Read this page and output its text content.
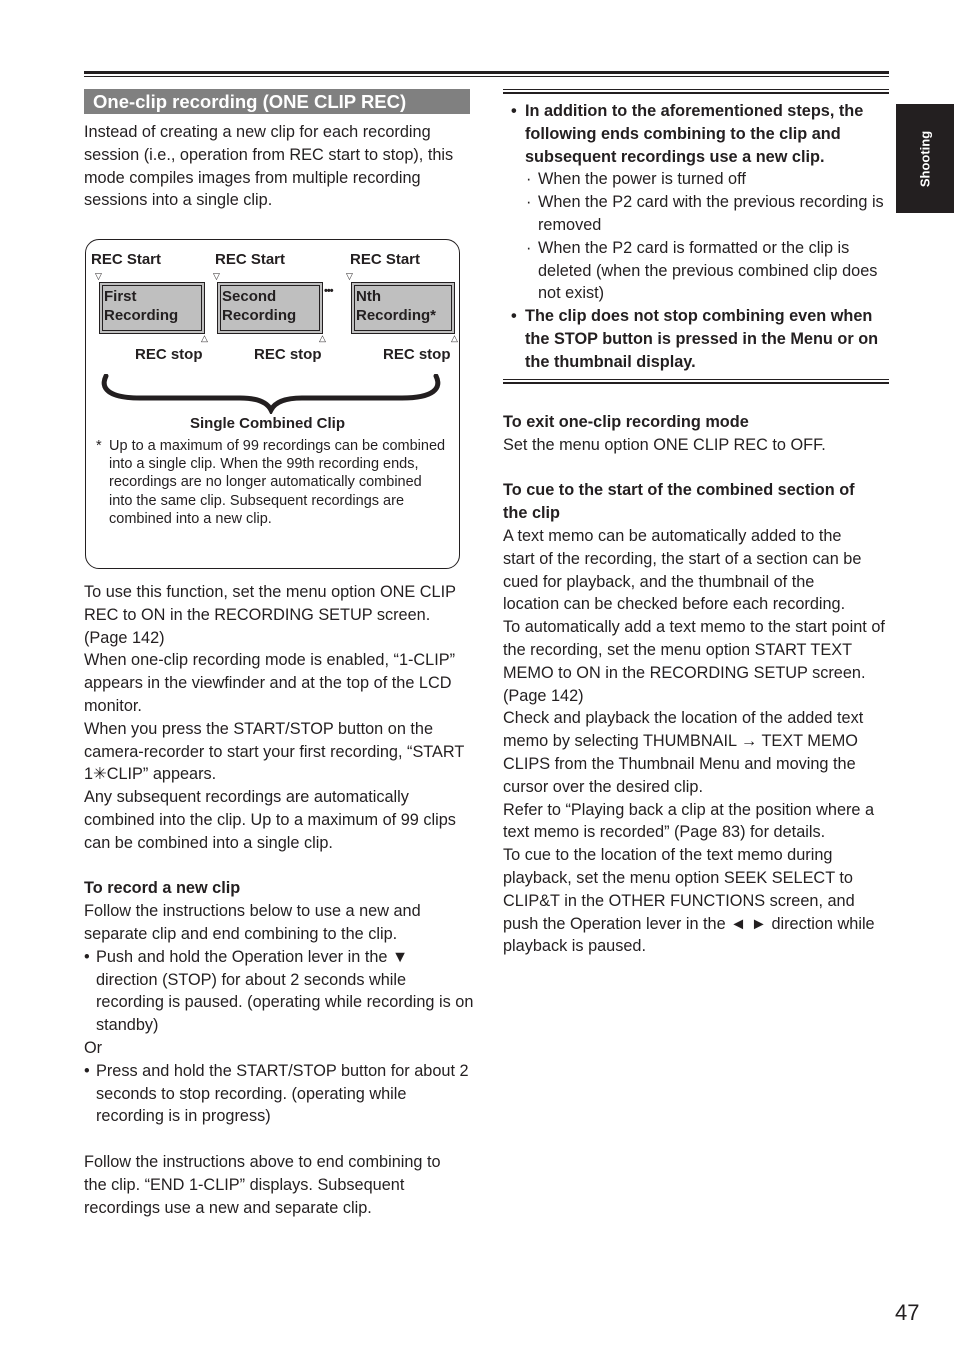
Shooting
One-clip recording (ONE CLIP REC)

Instead of creating a new clip for each recording session (i.e., operation from REC start to stop), this mode compiles images from multiple recording sessions into a single clip.

REC Start	REC Start	REC Start
▽	▽	▽
First
Recording
Second
Recording
••• Nth
Recording*
△	△	△
REC stop	REC stop	REC stop
Single Combined Clip
* Up to a maximum of 99 recordings can be combined into a single clip. When the 99th recording ends, recordings are no longer automatically combined into the same clip. Subsequent recordings are combined into a new clip.

To use this function, set the menu option ONE CLIP REC to ON in the RECORDING SETUP screen. (Page 142)

When one-clip recording mode is enabled, “1-CLIP” appears in the viewfinder and at the top of the LCD monitor.

When you press the START/STOP button on the camera-recorder to start your first recording, “START 1✳CLIP” appears.

Any subsequent recordings are automatically combined into the clip. Up to a maximum of 99 clips can be combined into a single clip.

To record a new clip

Follow the instructions below to use a new and separate clip and end combining to the clip.

• Push and hold the Operation lever in the ▼ direction (STOP) for about 2 seconds while recording is paused. (operating while recording is on standby)

Or

• Press and hold the START/STOP button for about 2 seconds to stop recording. (operating while recording is in progress)

Follow the instructions above to end combining to the clip. “END 1-CLIP” displays. Subsequent recordings use a new and separate clip.

• In addition to the aforementioned steps, the following ends combining to the clip and subsequent recordings use a new clip.
· When the power is turned off
· When the P2 card with the previous recording is removed
· When the P2 card is formatted or the clip is deleted (when the previous combined clip does not exist)
• The clip does not stop combining even when the STOP button is pressed in the Menu or on the thumbnail display.

To exit one-clip recording mode

Set the menu option ONE CLIP REC to OFF.

To cue to the start of the combined section of the clip

A text memo can be automatically added to the start of the recording, the start of a section can be cued for playback, and the thumbnail of the location can be checked before each recording.

To automatically add a text memo to the start point of the recording, set the menu option START TEXT MEMO to ON in the RECORDING SETUP screen. (Page 142)

Check and playback the location of the added text memo by selecting THUMBNAIL → TEXT MEMO CLIPS from the Thumbnail Menu and moving the cursor over the desired clip.

Refer to “Playing back a clip at the position where a text memo is recorded” (Page 83) for details.

To cue to the location of the text memo during playback, set the menu option SEEK SELECT to CLIP&T in the OTHER FUNCTIONS screen, and push the Operation lever in the ◄ ► direction while playback is paused.

47
